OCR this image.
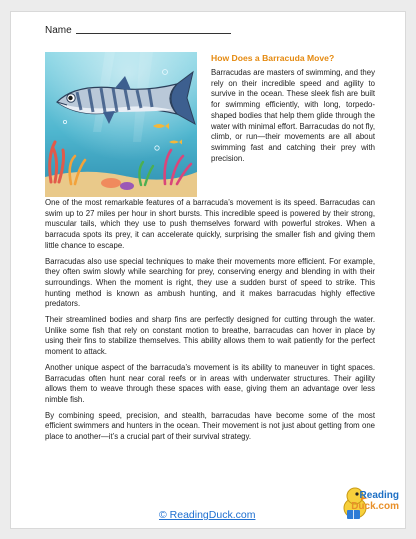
Name
How Does a Barracuda Move?

Barracudas are masters of swimming, and they rely on their incredible speed and agility to survive in the ocean. These sleek fish are built for swimming efficiently, with long, torpedo-shaped bodies that help them glide through the water with minimal effort. Barracudas do not fly, climb, or run—their movements are all about swimming fast and catching their prey with precision.

One of the most remarkable features of a barracuda’s movement is its speed. Barracudas can swim up to 27 miles per hour in short bursts. This incredible speed is powered by their strong, muscular tails, which they use to push themselves forward with powerful strokes. When a barracuda spots its prey, it can accelerate quickly, surprising the smaller fish and giving them little chance to escape.

Barracudas also use special techniques to make their movements more efficient. For example, they often swim slowly while searching for prey, conserving energy and blending in with their surroundings. When the moment is right, they use a sudden burst of speed to strike. This hunting method is known as ambush hunting, and it makes barracudas highly effective predators.

Their streamlined bodies and sharp fins are perfectly designed for cutting through the water. Unlike some fish that rely on constant motion to breathe, barracudas can hover in place by using their fins to stabilize themselves. This ability allows them to wait patiently for the perfect moment to attack.

Another unique aspect of the barracuda’s movement is its ability to maneuver in tight spaces. Barracudas often hunt near coral reefs or in areas with underwater structures. Their agility allows them to weave through these spaces with ease, giving them an advantage over less nimble fish.

By combining speed, precision, and stealth, barracudas have become some of the most efficient swimmers and hunters in the ocean. Their movement is not just about getting from one place to another—it’s a crucial part of their survival strategy.

© ReadingDuck.com
Reading
Duck.com
